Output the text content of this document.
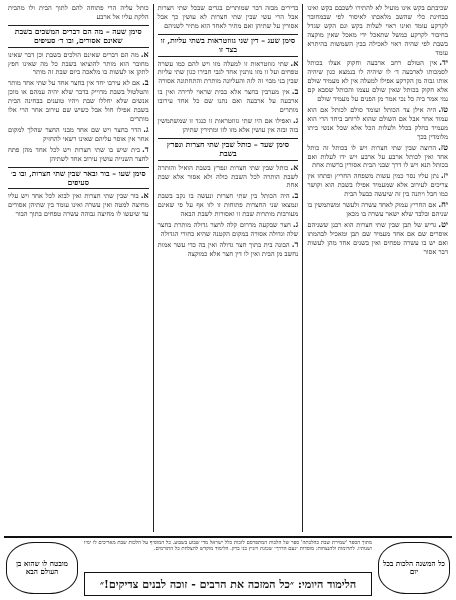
שכיבתם בקש אינו מועיל לא להתירו לשכבם בקש ואינו בבחינת כלי שהשב מלאכתו לאיסור לפי שבמחובר לקרקע עומד ואינו ראוי לעלות בקש וגם הקש שגדל בחיבור לקרקע כמשל שתאכל ידי מאכל שאין מוקצה בשבת לפי שהיה ראוי לאכילה בבין השמשות בהיתרא עומד
יד.אין הטולם רחב ארבעה וחקוק אצלו בכותל לסמכותו לארבעה ד׳ לו שיהיה לו בנמצא כגון שיהיה אותו גבוה מן הקרקע אפילו למעלה אין לא מעמיד שולם אלא חקוק בכותל שאין שולם עצמו והכותל שסבא קם נמי אמר ביה כל נכי אמר מן הפנים על מעמיד שולם
טו.היה אילן צד הכותל ועומד סולם לכותל אם הוא עמוד אחר אבל אם השולם שהוא לרוחב ביחד הרי הוא מעמיד בחלק בכלל ולעלות הכל אלא שכל אנשי ביתו מלומדין בכך
טז.הרוצה שבין שתי חצרות ויש לו בכותל זה כותל אחד ואין לכותל ארבע על ארבע ויש ידו לעלות ואם בכותל תנא ויש לו דרך שבני הבית אסורין ברשות אחת
יז.נתן עליו נסר כמין עשות משפחה החריץ ופתחו אין צריכים לעירוב אלא שמעמיד אפילו בשבת הוא וקושר כמו חבל ויתנה בין זה שיעשה כבעל הבית
יח.אם החריץ עמוק לאחד עשרה ולעשר ומשתמשין בו שניהם ובלבד שלא ישאר עשרה בו מכאן
יט.גדיש של תבן שבין שתי חצרות הוא רבנן ששניהם אוסרים שם אם אחד מעמיד שם תבן ומאכיל לבהמתו ואם יש בו עשרה טפחים ואין בשנים אחד מהן לעשות דבר אסור
בדירים מבזה דבר שמותרים בגדים שבכל שתי חצרות אבל הרי עשי שבין שתי חצרות לא עושין כך אבל אסורין על שתיהן ואם מתיר לאחד הוא מתיר לשניהם
סימן שעג – דין שני גזוזטראות בשתי עליות, זו בצד זו
א.שתי גזוזטראות זו למעלה מזו ויש להם כמו עשרה טפחים ועל זו מזו נותנין אחד לגבי חבירו כגון שתי עליות שבין בני מבוי זה לזה והעליונה מותרת והתחתונה אסורה
ב.אין מערבין בחצר אלא בבית שראוי לדירה ואין בו ארבעה על ארבעה ואם נתנו שם כל אחד עירובו מותרים
ג.ואפילו אם היו שתי גזוזטראות זו כנגד זו שמשתמשין בזה ובזה אין עושין אלא מזו לזו ומתירין שתיהן
סימן שעד – כותל שבין שתי חצרות ונפרץ בשבת
א.כותל שבין שתי חצרות ונפרץ בשבת הואיל והותרה לשבת הותרה לכל השבת כולה ולא אסור אלא שבת אחת
ב.היה הכותל בין שתי חצרות ונעשה בו נקב בשבת ונמצאו שני החצרות פתוחות זו לזו אף על פי שאינם מעורבות מותרות שבת זו ואסורות לשבת הבאה
ג.חצר שבקעה מדרום קלה לחצר גדולה מותרת בחצר שלה וגדולה אסורה במקום הקטנה שהיא כחורי הגדולה
ד.הבונה בית בתוך חצר גדולה ואין בה כדי עשר אמות נחשב מן הבית ואין לו דין חצר אלא כמוקצה
כותל עליה הרי פתוחה להם לתוך הבית ולו מהבית הלקת עליו אל ארבע
סימן שעה – מה הם דברים המשכים בשבת שאינם אסורים, ובו ד׳ סעיפים
א.מה הם דברים שאינם הולכים בשבת וכן דבר שאינו מחובר הוא מותר להוציאו בשבת כל מה שאינו חפץ לתקן או לעשות בו מלאכה ביום שבת זה מותר
ב.אם לא עירבו יחד אין בחצר אחד על שתי אחד מותר והטלטול בשבת מדוייק בדבר שלא יהיה עמהם או מוכן אנשים שלא יחללו שבת ויהיו טוענים בבחינה הבית בשבת אפילו חול אבל כשיש שם עירוב אחר הרי אלו מותרים
ג.הדר בחצר ויש שם אחד מבני החצר שהלך למקום אחר אין אוסר עליהם שאינו רשאי להחזיק
ד.בית שיש בו שתי חצרות ויש לכל אחד מהן פתח לחצר השנייה עושין עירוב אחד לשתיהן
סימן שעו – בור ובאר שבין שתי חצרות, ובו ב׳ סעיפים
א.בור שבין שתי חצרות ואין לבוא לכל אחד ויש עליו מחיצה למטה ואין עשרה ואינו עומד בין שתיהן אסורים עד שיעשו לו מחיצה גבוהה עשרה טפחים בתוך הבור
כל המשנה הלכות בכל יום
מתוך הספר 'שמירת שבת כהלכתה' ספר של הלכות המתפרסם לזכות כלל ישראל מדי שבוע בשבוע. כל המוסיף על הלכות שבת מאריכים לו ימיו ושנותיו. לתרומות ולהנצחות: מוסדות ״נעם הדרך״ שכונת ויזניץ בני ברק. הלימוד מוקדש להצלחת כל התורמים.
הלימוד היומי: ״כל המזכה את הרבים - זוכה לבנים צדיקים!״
מובטח לו שהוא בן העולם הבא
